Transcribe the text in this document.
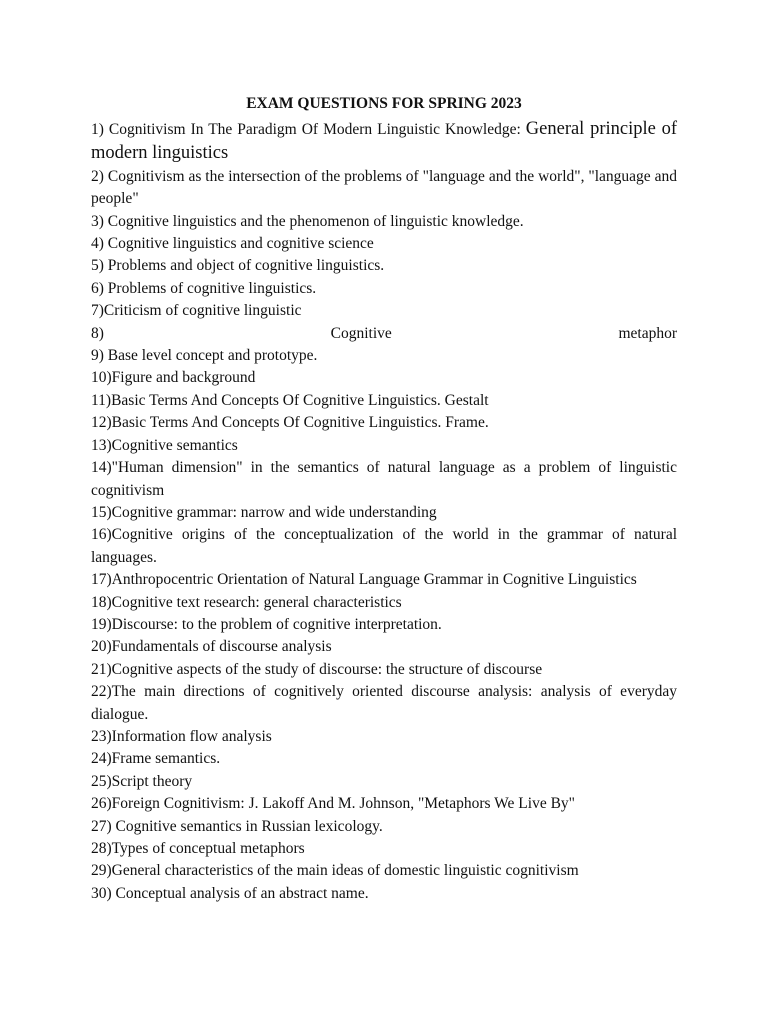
EXAM QUESTIONS FOR SPRING 2023
1) Cognitivism In The Paradigm Of Modern Linguistic Knowledge: General principle of modern linguistics
2) Cognitivism as the intersection of the problems of "language and the world", "language and people"
3) Cognitive linguistics and the phenomenon of linguistic knowledge.
4) Cognitive linguistics and cognitive science
5) Problems and object of cognitive linguistics.
6) Problems of cognitive linguistics.
7)Criticism of cognitive linguistic
8) Cognitive metaphor
9) Base level concept and prototype.
10)Figure and background
11)Basic Terms And Concepts Of Cognitive Linguistics. Gestalt
12)Basic Terms And Concepts Of Cognitive Linguistics. Frame.
13)Cognitive semantics
14)"Human dimension" in the semantics of natural language as a problem of linguistic cognitivism
15)Cognitive grammar: narrow and wide understanding
16)Cognitive origins of the conceptualization of the world in the grammar of natural languages.
17)Anthropocentric Orientation of Natural Language Grammar in Cognitive Linguistics
18)Cognitive text research: general characteristics
19)Discourse: to the problem of cognitive interpretation.
20)Fundamentals of discourse analysis
21)Cognitive aspects of the study of discourse: the structure of discourse
22)The main directions of cognitively oriented discourse analysis: analysis of everyday dialogue.
23)Information flow analysis
24)Frame semantics.
25)Script theory
26)Foreign Cognitivism: J. Lakoff And M. Johnson, "Metaphors We Live By"
27) Cognitive semantics in Russian lexicology.
28)Types of conceptual metaphors
29)General characteristics of the main ideas of domestic linguistic cognitivism
30) Conceptual analysis of an abstract name.
